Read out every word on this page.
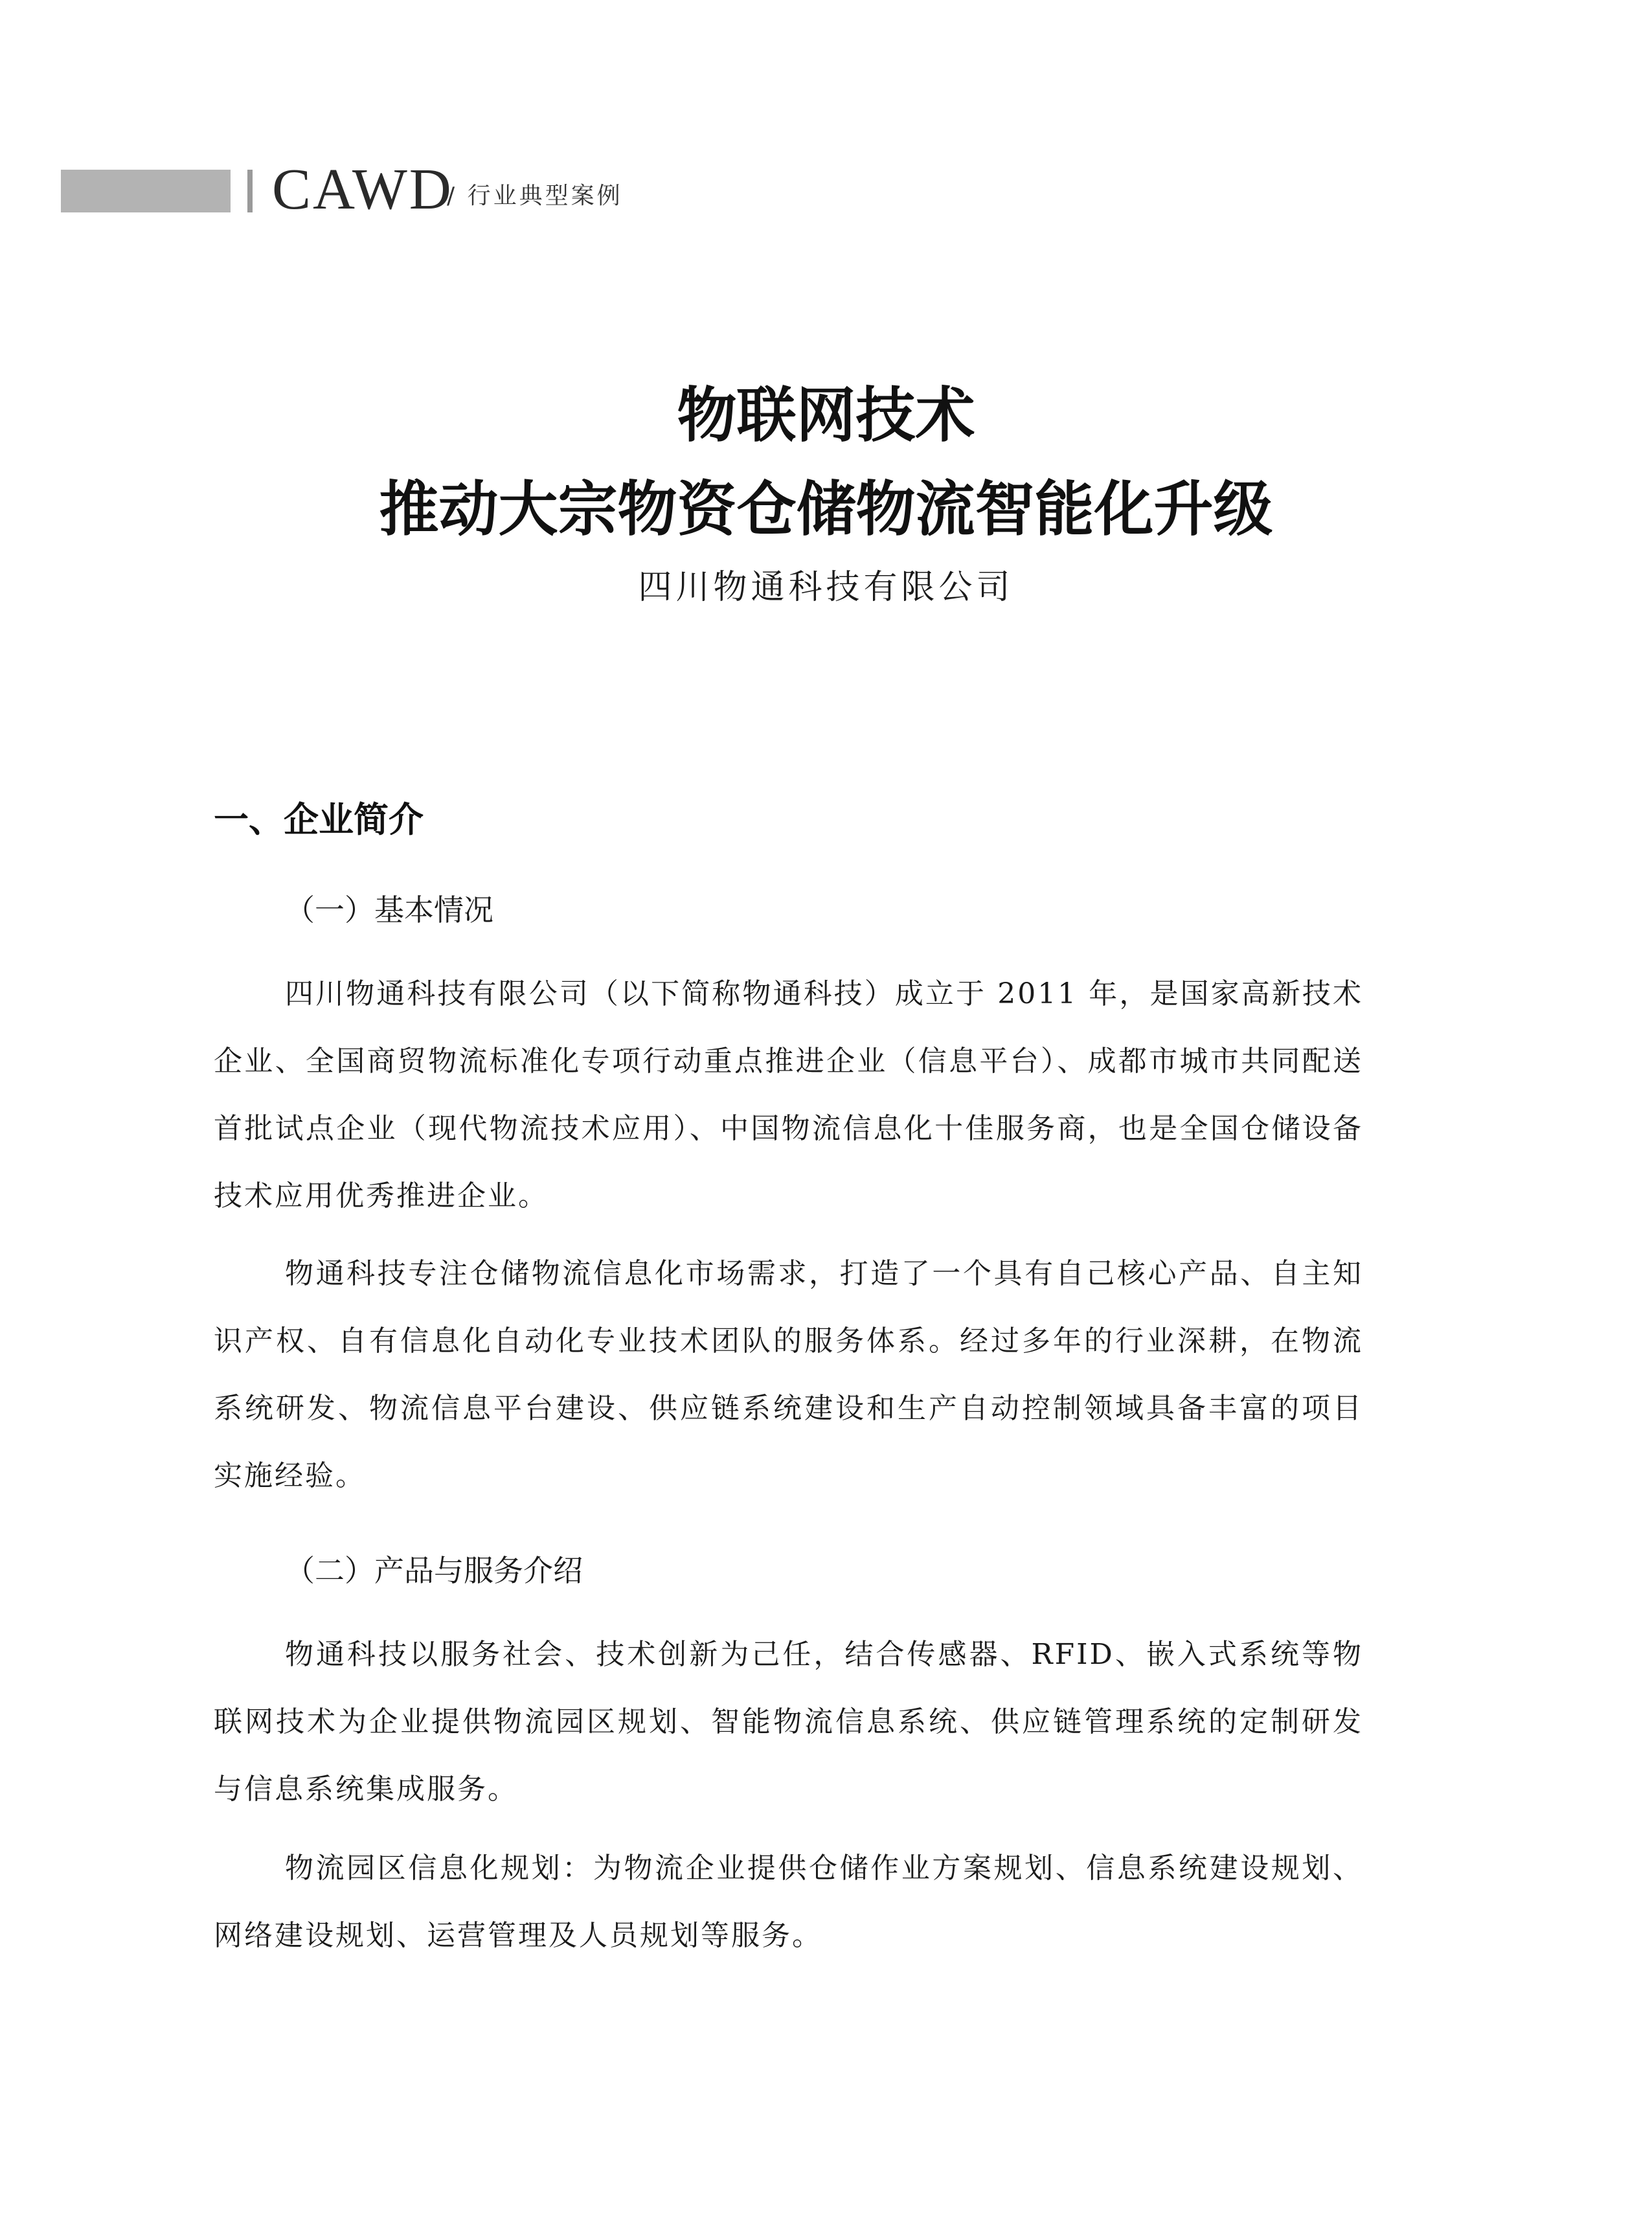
CAWD
/ 行业典型案例
物联网技术
推动大宗物资仓储物流智能化升级
四川物通科技有限公司
一、企业简介
（一）基本情况

四川物通科技有限公司（以下简称物通科技）成立于 2011 年，是国家高新技术企业、全国商贸物流标准化专项行动重点推进企业（信息平台）、成都市城市共同配送首批试点企业（现代物流技术应用）、中国物流信息化十佳服务商，也是全国仓储设备技术应用优秀推进企业。

物通科技专注仓储物流信息化市场需求，打造了一个具有自己核心产品、自主知识产权、自有信息化自动化专业技术团队的服务体系。经过多年的行业深耕，在物流系统研发、物流信息平台建设、供应链系统建设和生产自动控制领域具备丰富的项目实施经验。

（二）产品与服务介绍

物通科技以服务社会、技术创新为己任，结合传感器、RFID、嵌入式系统等物联网技术为企业提供物流园区规划、智能物流信息系统、供应链管理系统的定制研发与信息系统集成服务。

物流园区信息化规划：为物流企业提供仓储作业方案规划、信息系统建设规划、网络建设规划、运营管理及人员规划等服务。
